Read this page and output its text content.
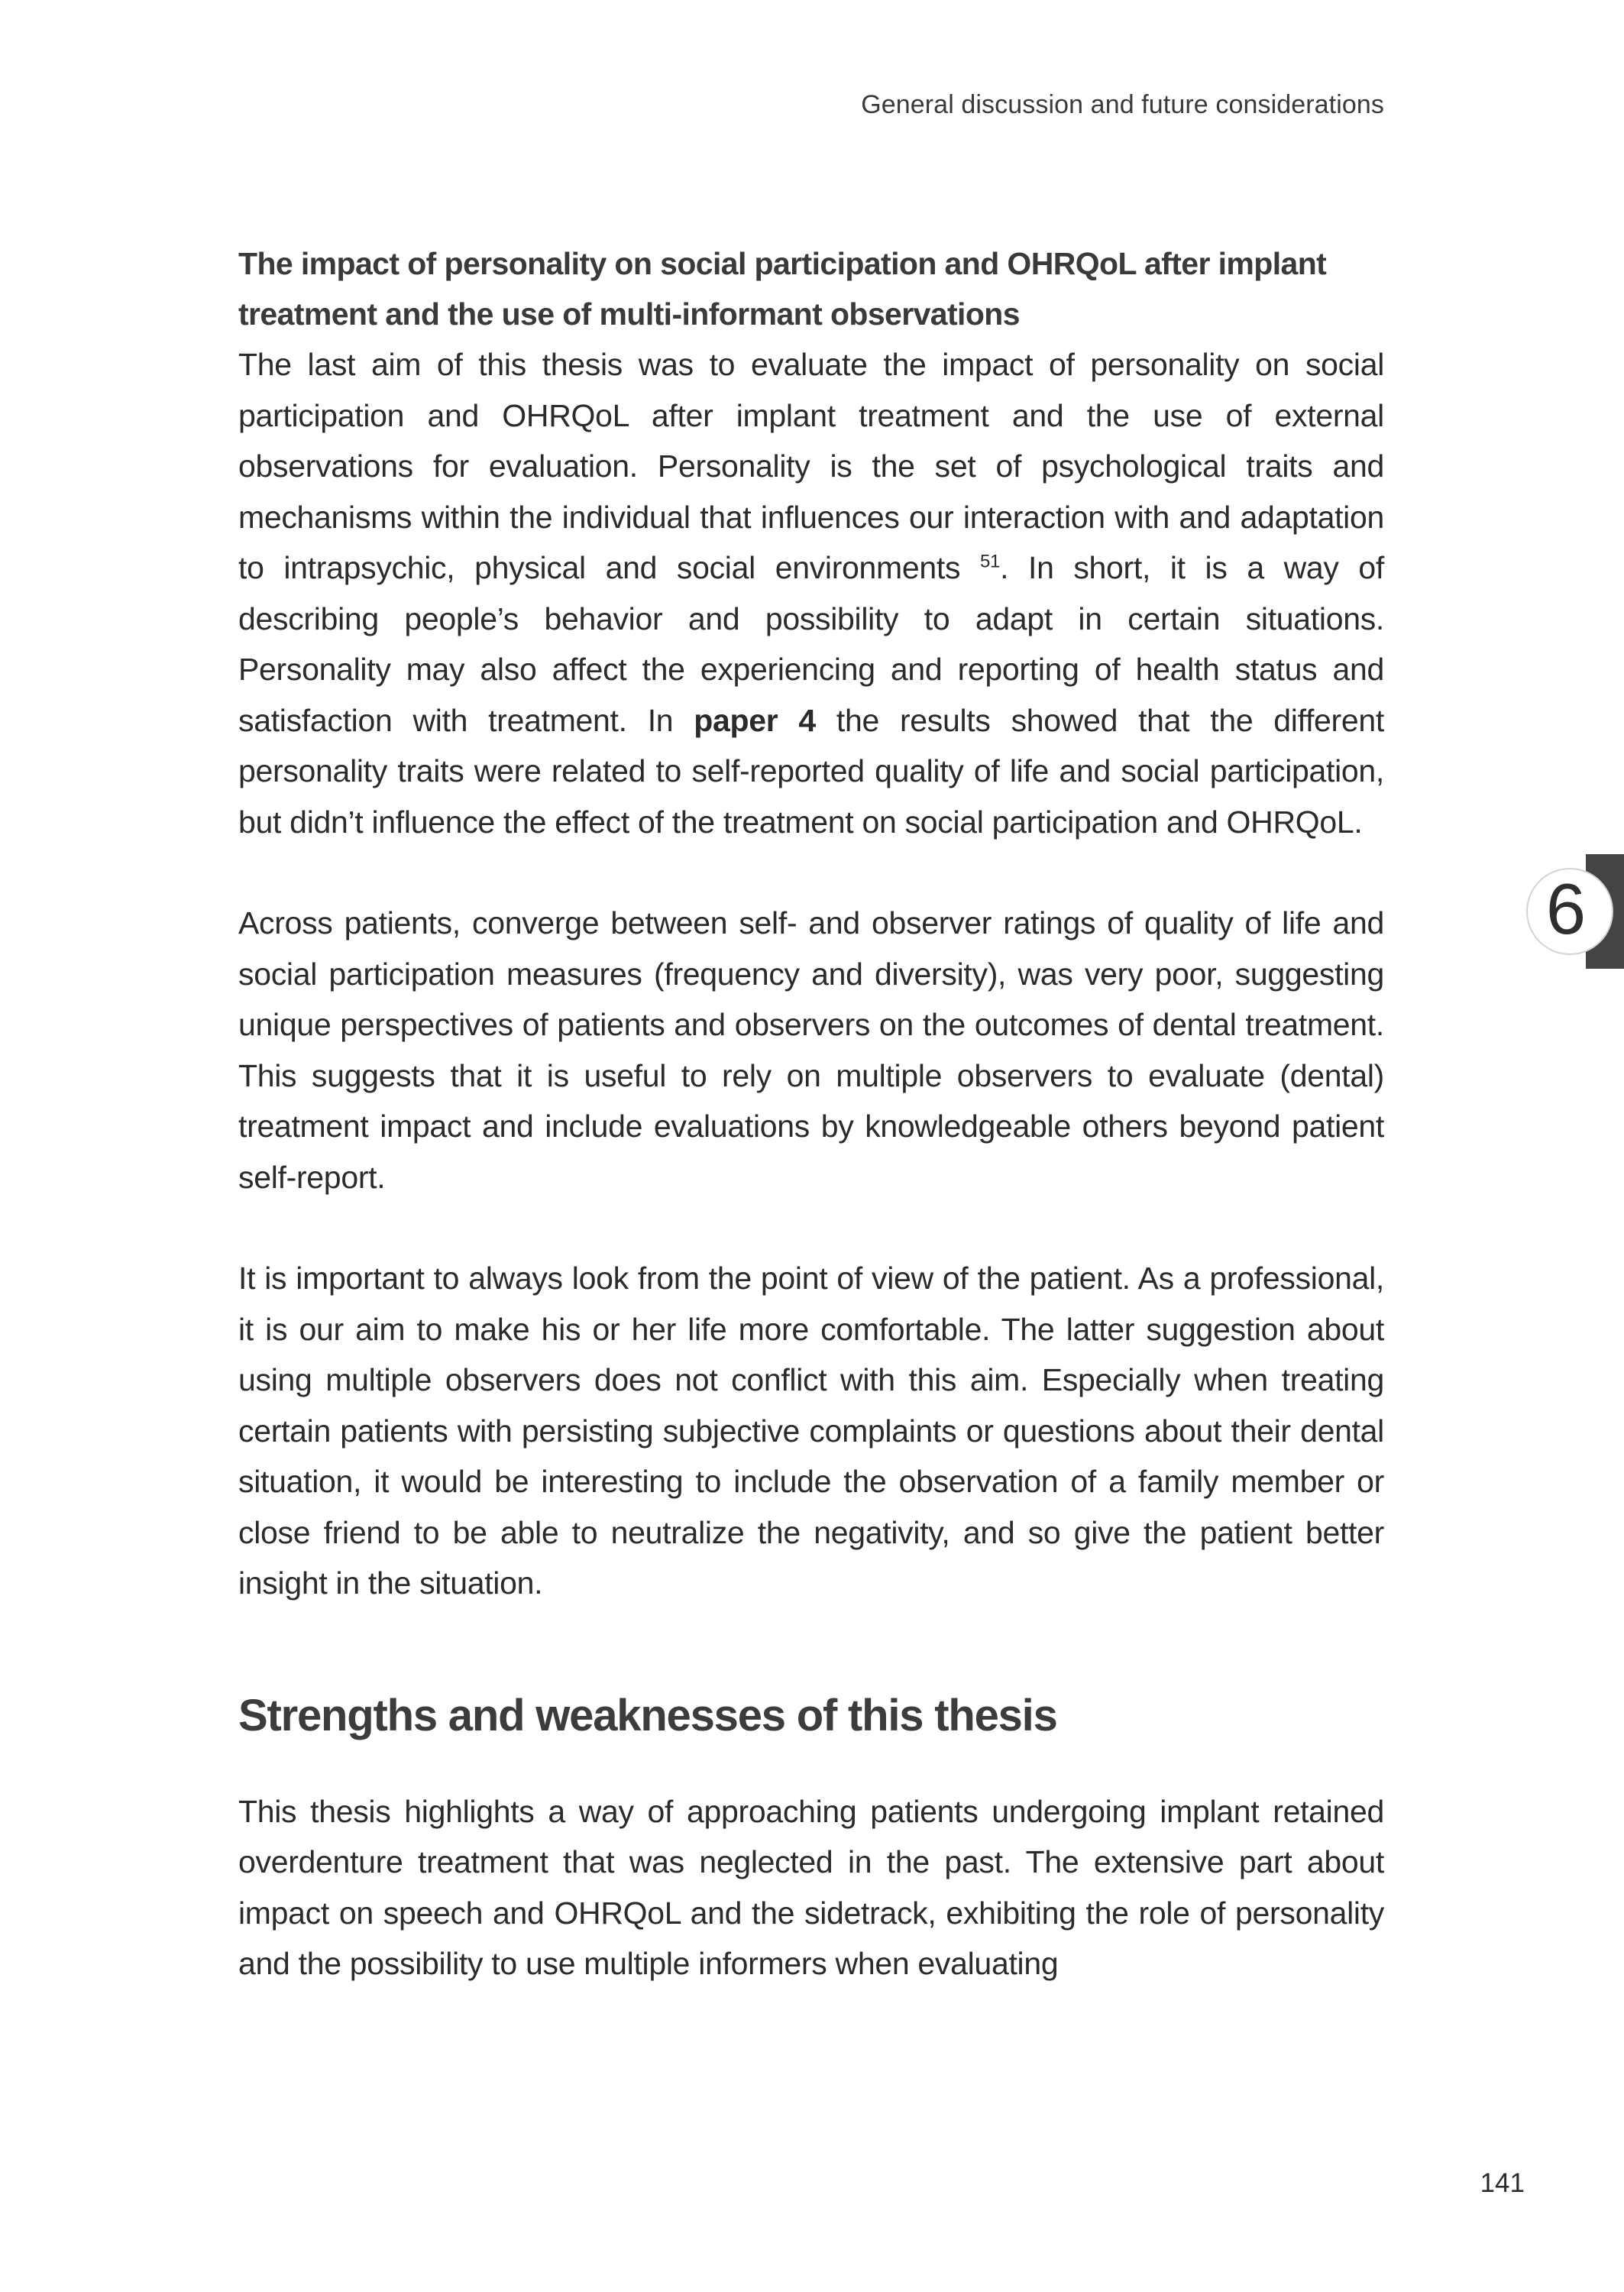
General discussion and future considerations
The impact of personality on social participation and OHRQoL after implant treatment and the use of multi-informant observations

The last aim of this thesis was to evaluate the impact of personality on social participation and OHRQoL after implant treatment and the use of external observations for evaluation. Personality is the set of psychological traits and mechanisms within the individual that influences our interaction with and adaptation to intrapsychic, physical and social environments $^{51}$. In short, it is a way of describing people’s behavior and possibility to adapt in certain situations. Personality may also affect the experiencing and reporting of health status and satisfaction with treatment. In paper 4 the results showed that the different personality traits were related to self-reported quality of life and social participation, but didn’t influence the effect of the treatment on social participation and OHRQoL.

Across patients, converge between self- and observer ratings of quality of life and social participation measures (frequency and diversity), was very poor, suggesting unique perspectives of patients and observers on the outcomes of dental treatment. This suggests that it is useful to rely on multiple observers to evaluate (dental) treatment impact and include evaluations by knowledgeable others beyond patient self-report.

It is important to always look from the point of view of the patient. As a professional, it is our aim to make his or her life more comfortable. The latter suggestion about using multiple observers does not conflict with this aim. Especially when treating certain patients with persisting subjective complaints or questions about their dental situation, it would be interesting to include the observation of a family member or close friend to be able to neutralize the negativity, and so give the patient better insight in the situation.

Strengths and weaknesses of this thesis

This thesis highlights a way of approaching patients undergoing implant retained overdenture treatment that was neglected in the past. The extensive part about impact on speech and OHRQoL and the sidetrack, exhibiting the role of personality and the possibility to use multiple informers when evaluating

6
141
